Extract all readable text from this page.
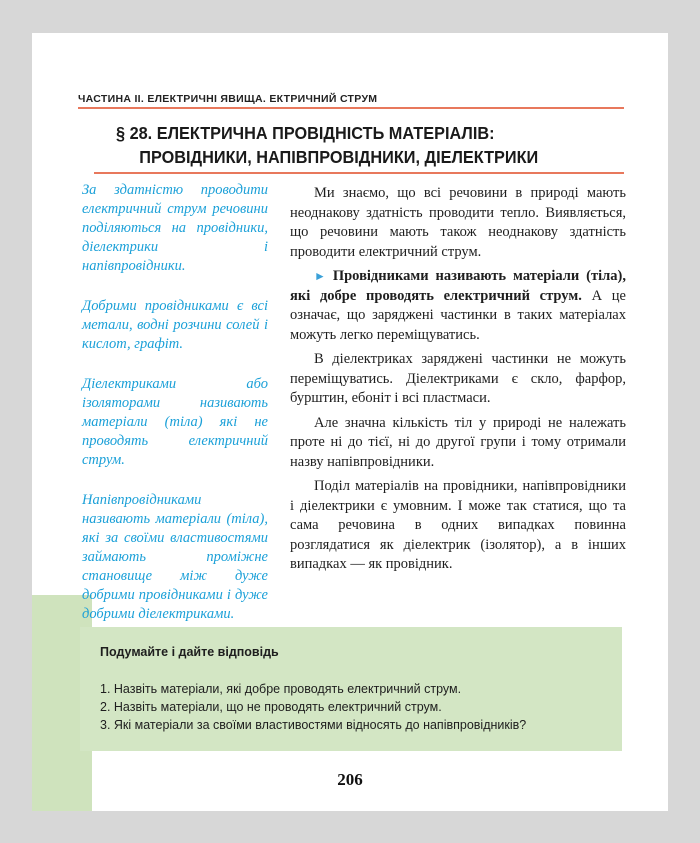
ЧАСТИНА ІІ. ЕЛЕКТРИЧНІ ЯВИЩА. ЕКТРИЧНИЙ СТРУМ
§ 28. ЕЛЕКТРИЧНА ПРОВІДНІСТЬ МАТЕРІАЛІВ:
ПРОВІДНИКИ, НАПІВПРОВІДНИКИ, ДІЕЛЕКТРИКИ

За здатністю проводити електричний струм речовини поділяються на провідники, діелектрики і напівпровідники.

Добрими провідниками є всі метали, водні розчини солей і кислот, графіт.

Діелектриками або ізоляторами називають матеріали (тіла) які не проводять електричний струм.

Напівпровідниками називають матеріали (тіла), які за своїми властивостями займають проміжне становище між дуже добрими провідниками і дуже добрими діелектриками.

Ми знаємо, що всі речовини в природі мають неоднакову здатність проводити тепло. Виявляється, що речовини мають також неоднакову здатність проводити електричний струм.

► Провідниками називають матеріали (тіла), які добре проводять електричний струм. А це означає, що заряджені частинки в таких матеріалах можуть легко переміщуватись.

В діелектриках заряджені частинки не можуть переміщуватись. Діелектриками є скло, фарфор, бурштин, ебоніт і всі пластмаси.

Але значна кількість тіл у природі не належать проте ні до тієї, ні до другої групи і тому отримали назву напівпровідники.

Поділ матеріалів на провідники, напівпровідники і діелектрики є умовним. І може так статися, що та сама речовина в одних випадках повинна розглядатися як діелектрик (ізолятор), а в інших випадках — як провідник.

Подумайте і дайте відповідь
1. Назвіть матеріали, які добре проводять електричний струм.
2. Назвіть матеріали, що не проводять електричний струм.
3. Які матеріали за своїми властивостями відносять до напівпровідників?
206
